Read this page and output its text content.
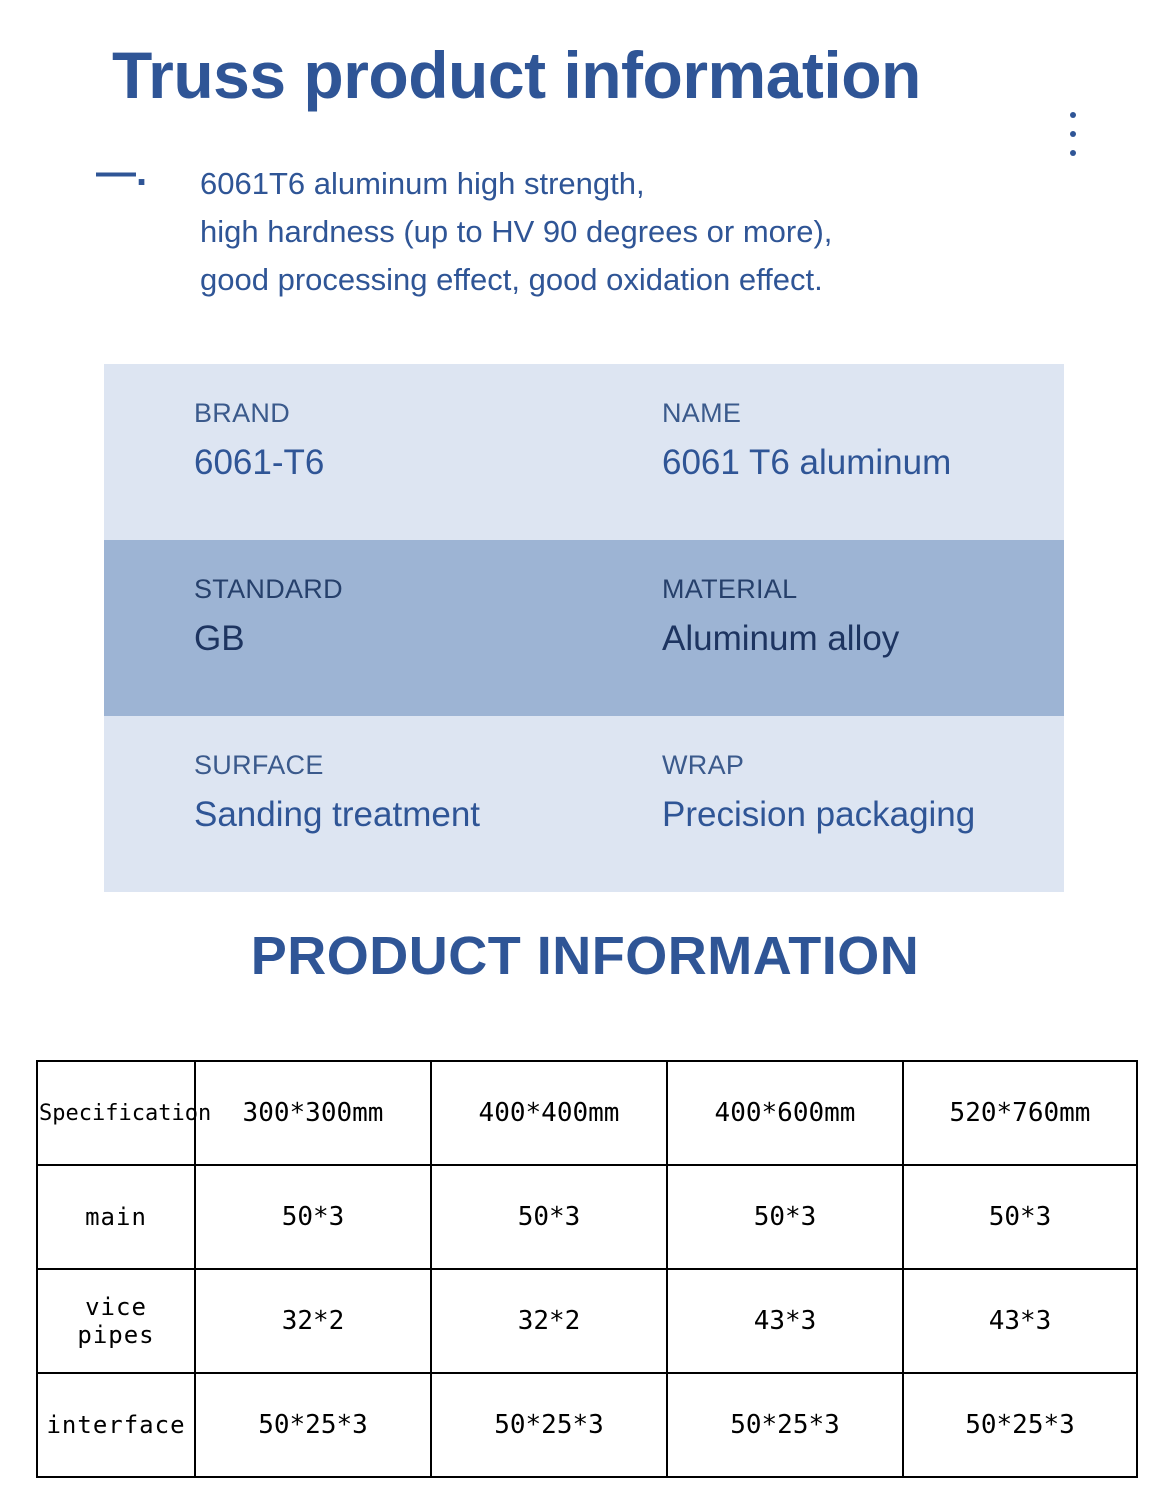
Truss product information
—. 6061T6 aluminum high strength,
high hardness (up to HV 90 degrees or more),
good processing effect, good oxidation effect.
BRAND
6061-T6
NAME
6061 T6 aluminum
STANDARD
GB
MATERIAL
Aluminum alloy
SURFACE
Sanding treatment
WRAP
Precision packaging
PRODUCT INFORMATION
Specification	300*300mm	400*400mm	400*600mm	520*760mm
main	50*3	50*3	50*3	50*3
vice pipes	32*2	32*2	43*3	43*3
interface	50*25*3	50*25*3	50*25*3	50*25*3
